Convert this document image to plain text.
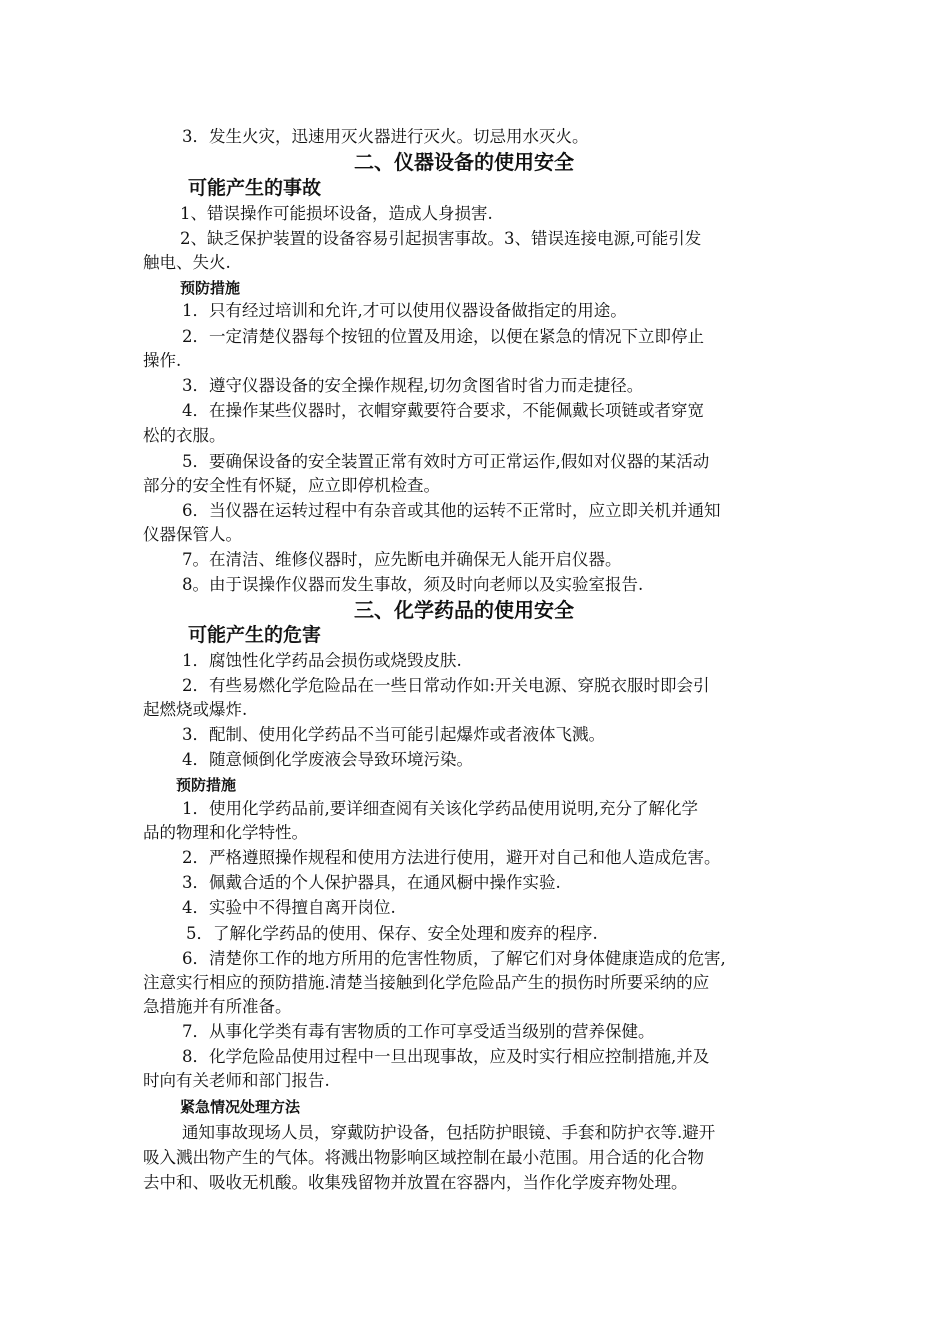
3．发生火灾，迅速用灭火器进行灭火。切忌用水灭火。
二、仪器设备的使用安全
可能产生的事故
1、错误操作可能损坏设备，造成人身损害.
2、缺乏保护装置的设备容易引起损害事故。3、错误连接电源,可能引发
触电、失火.
预防措施
1．只有经过培训和允许,才可以使用仪器设备做指定的用途。
2．一定清楚仪器每个按钮的位置及用途，以便在紧急的情况下立即停止
操作.
3．遵守仪器设备的安全操作规程,切勿贪图省时省力而走捷径。
4．在操作某些仪器时，衣帽穿戴要符合要求，不能佩戴长项链或者穿宽
松的衣服。
5．要确保设备的安全装置正常有效时方可正常运作,假如对仪器的某活动
部分的安全性有怀疑，应立即停机检查。
6．当仪器在运转过程中有杂音或其他的运转不正常时，应立即关机并通知
仪器保管人。
7。在清洁、维修仪器时，应先断电并确保无人能开启仪器。
8。由于误操作仪器而发生事故，须及时向老师以及实验室报告.
三、化学药品的使用安全
可能产生的危害
1．腐蚀性化学药品会损伤或烧毁皮肤.
2．有些易燃化学危险品在一些日常动作如:开关电源、穿脱衣服时即会引
起燃烧或爆炸.
3．配制、使用化学药品不当可能引起爆炸或者液体飞溅。
4．随意倾倒化学废液会导致环境污染。
预防措施
1．使用化学药品前,要详细查阅有关该化学药品使用说明,充分了解化学
品的物理和化学特性。
2．严格遵照操作规程和使用方法进行使用，避开对自己和他人造成危害。
3．佩戴合适的个人保护器具，在通风橱中操作实验.
4．实验中不得擅自离开岗位.
5．了解化学药品的使用、保存、安全处理和废弃的程序.
6．清楚你工作的地方所用的危害性物质，了解它们对身体健康造成的危害,
注意实行相应的预防措施.清楚当接触到化学危险品产生的损伤时所要采纳的应
急措施并有所准备。
7．从事化学类有毒有害物质的工作可享受适当级别的营养保健。
8．化学危险品使用过程中一旦出现事故，应及时实行相应控制措施,并及
时向有关老师和部门报告.
紧急情况处理方法
通知事故现场人员，穿戴防护设备，包括防护眼镜、手套和防护衣等.避开
吸入溅出物产生的气体。将溅出物影响区域控制在最小范围。用合适的化合物
去中和、吸收无机酸。收集残留物并放置在容器内，当作化学废弃物处理。
